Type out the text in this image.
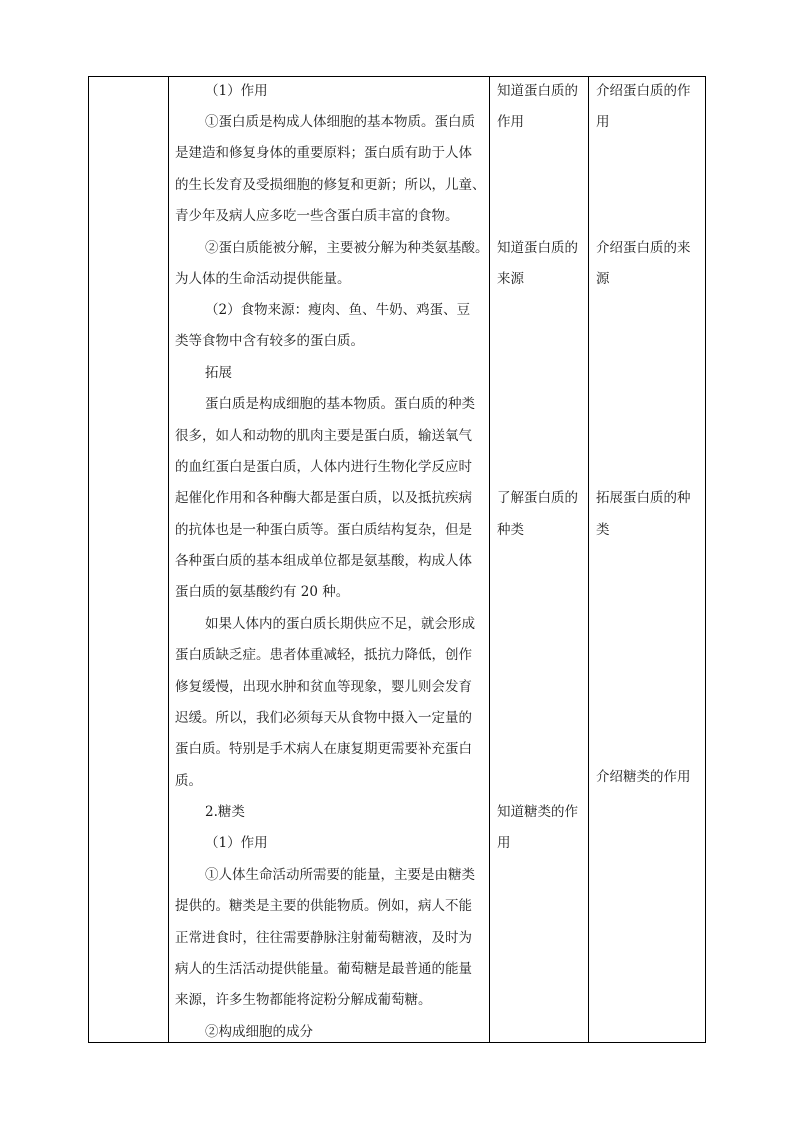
（1）作用
①蛋白质是构成人体细胞的基本物质。蛋白质
是建造和修复身体的重要原料；蛋白质有助于人体
的生长发育及受损细胞的修复和更新；所以，儿童、
青少年及病人应多吃一些含蛋白质丰富的食物。
②蛋白质能被分解，主要被分解为种类氨基酸。
为人体的生命活动提供能量。
（2）食物来源：瘦肉、鱼、牛奶、鸡蛋、豆
类等食物中含有较多的蛋白质。
拓展
蛋白质是构成细胞的基本物质。蛋白质的种类
很多，如人和动物的肌肉主要是蛋白质，输送氧气
的血红蛋白是蛋白质，人体内进行生物化学反应时
起催化作用和各种酶大都是蛋白质，以及抵抗疾病
的抗体也是一种蛋白质等。蛋白质结构复杂，但是
各种蛋白质的基本组成单位都是氨基酸，构成人体
蛋白质的氨基酸约有 20 种。
如果人体内的蛋白质长期供应不足，就会形成
蛋白质缺乏症。患者体重减轻，抵抗力降低，创作
修复缓慢，出现水肿和贫血等现象，婴儿则会发育
迟缓。所以，我们必须每天从食物中摄入一定量的
蛋白质。特别是手术病人在康复期更需要补充蛋白
质。
2.糖类
（1）作用
①人体生命活动所需要的能量，主要是由糖类
提供的。糖类是主要的供能物质。例如，病人不能
正常进食时，往往需要静脉注射葡萄糖液，及时为
病人的生活活动提供能量。葡萄糖是最普通的能量
来源，许多生物都能将淀粉分解成葡萄糖。
②构成细胞的成分
知道蛋白质的
作用
知道蛋白质的
来源
了解蛋白质的
种类
知道糖类的作
用
介绍蛋白质的作
用
介绍蛋白质的来
源
拓展蛋白质的种
类
介绍糖类的作用
